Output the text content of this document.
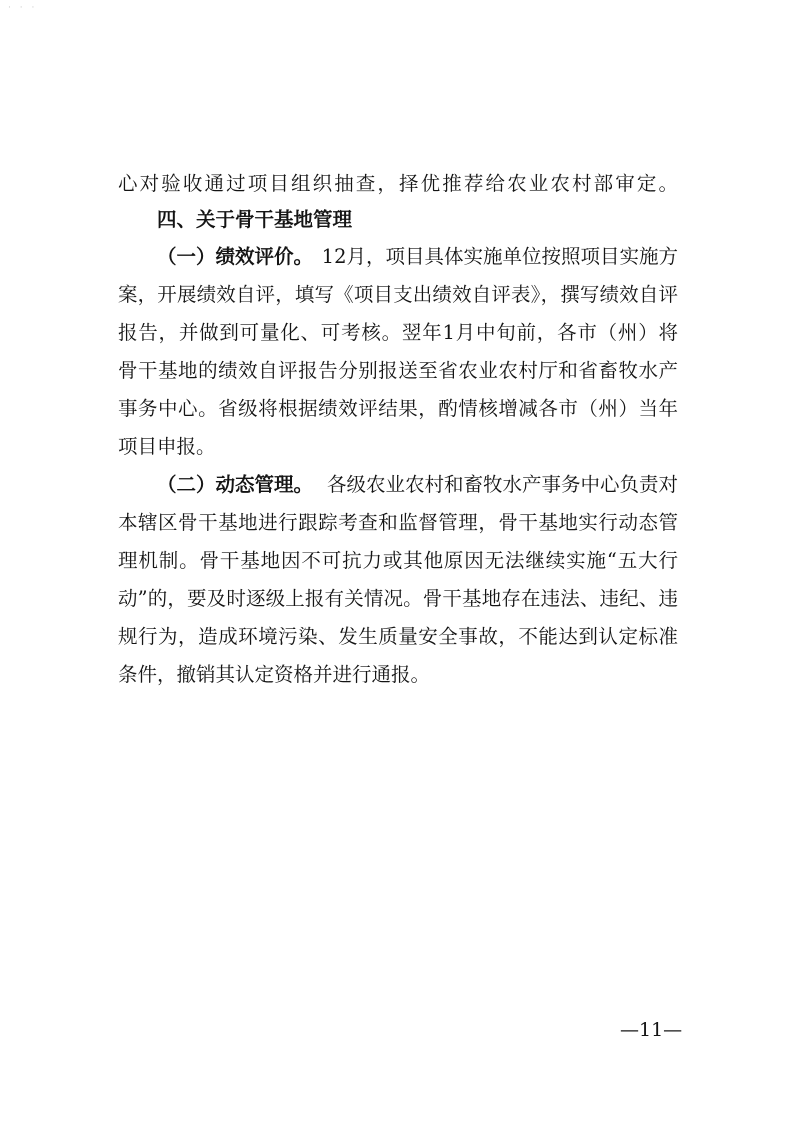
· · ·

心对验收通过项目组织抽查，择优推荐给农业农村部审定。

四、关于骨干基地管理

（一）绩效评价。 12月，项目具体实施单位按照项目实施方

案，开展绩效自评，填写《项目支出绩效自评表》，撰写绩效自评

报告，并做到可量化、可考核。翌年1月中旬前，各市（州）将

骨干基地的绩效自评报告分别报送至省农业农村厅和省畜牧水产

事务中心。省级将根据绩效评结果，酌情核增减各市（州）当年

项目申报。

（二）动态管理。 各级农业农村和畜牧水产事务中心负责对

本辖区骨干基地进行跟踪考查和监督管理，骨干基地实行动态管

理机制。骨干基地因不可抗力或其他原因无法继续实施“五大行

动”的，要及时逐级上报有关情况。骨干基地存在违法、违纪、违

规行为，造成环境污染、发生质量安全事故，不能达到认定标准

条件，撤销其认定资格并进行通报。

—11—
